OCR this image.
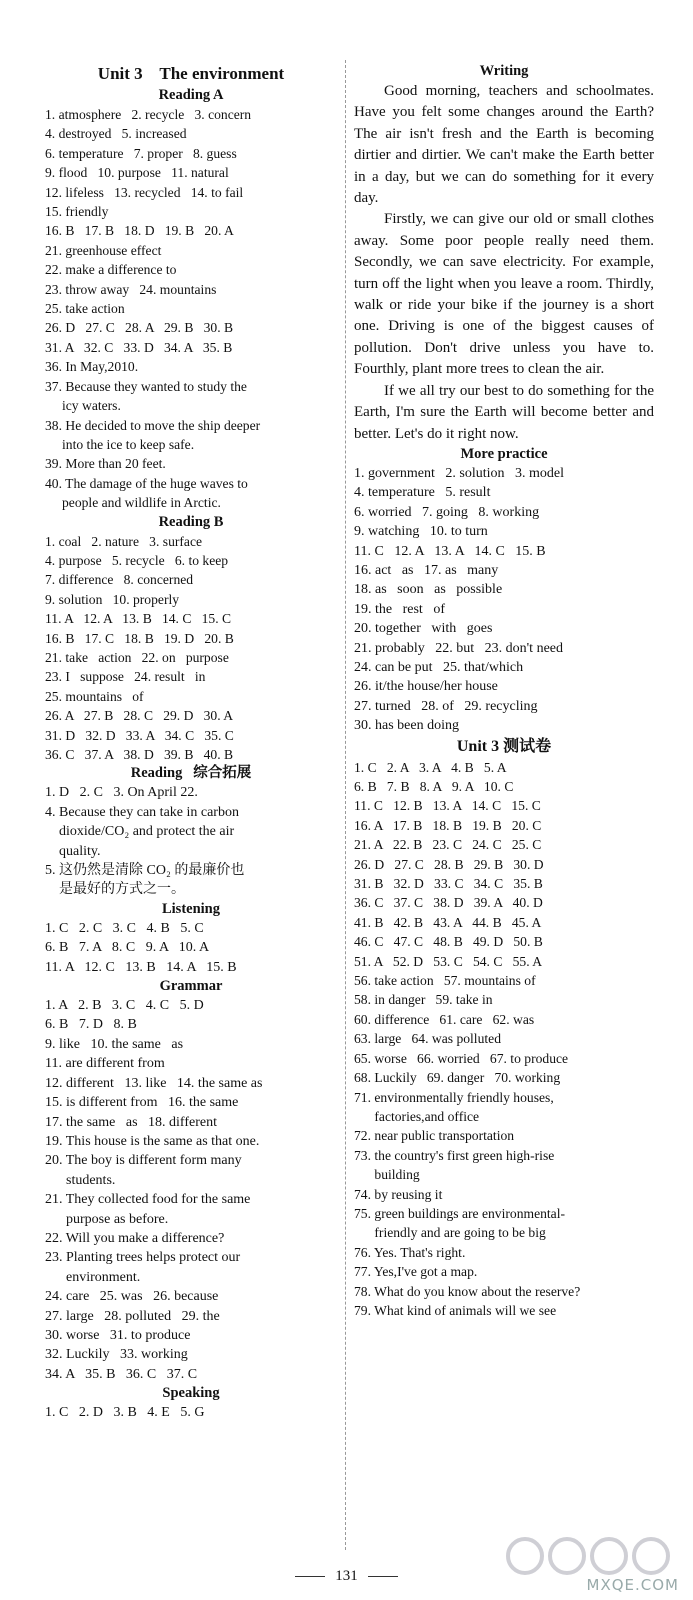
Unit 3    The environment
Reading A
1. atmosphere   2. recycle   3. concern
4. destroyed   5. increased
6. temperature   7. proper   8. guess
9. flood   10. purpose   11. natural
12. lifeless   13. recycled   14. to fail
15. friendly
16. B   17. B   18. D   19. B   20. A
21. greenhouse effect
22. make a difference to
23. throw away   24. mountains
25. take action
26. D   27. C   28. A   29. B   30. B
31. A   32. C   33. D   34. A   35. B
36. In May,2010.
37. Because they wanted to study the
icy waters.
38. He decided to move the ship deeper
into the ice to keep safe.
39. More than 20 feet.
40. The damage of the huge waves to
people and wildlife in Arctic.
Reading B
1. coal   2. nature   3. surface
4. purpose   5. recycle   6. to keep
7. difference   8. concerned
9. solution   10. properly
11. A   12. A   13. B   14. C   15. C
16. B   17. C   18. B   19. D   20. B
21. take   action   22. on   purpose
23. I   suppose   24. result   in
25. mountains   of
26. A   27. B   28. C   29. D   30. A
31. D   32. D   33. A   34. C   35. C
36. C   37. A   38. D   39. B   40. B
Reading   综合拓展
1. D   2. C   3. On April 22.
4. Because they can take in carbon
dioxide/CO₂ and protect the air
quality.
5. 这仍然是清除 CO₂ 的最廉价也
是最好的方式之一。
Listening
1. C   2. C   3. C   4. B   5. C
6. B   7. A   8. C   9. A   10. A
11. A   12. C   13. B   14. A   15. B
Grammar
1. A   2. B   3. C   4. C   5. D
6. B   7. D   8. B
9. like   10. the same   as
11. are different from
12. different   13. like   14. the same as
15. is different from   16. the same
17. the same   as   18. different
19. This house is the same as that one.
20. The boy is different form many
students.
21. They collected food for the same
purpose as before.
22. Will you make a difference?
23. Planting trees helps protect our
environment.
24. care   25. was   26. because
27. large   28. polluted   29. the
30. worse   31. to produce
32. Luckily   33. working
34. A   35. B   36. C   37. C
Speaking
1. C   2. D   3. B   4. E   5. G
Writing

Good morning, teachers and schoolmates. Have you felt some changes around the Earth? The air isn't fresh and the Earth is becoming dirtier and dirtier. We can't make the Earth better in a day, but we can do something for it every day.

Firstly, we can give our old or small clothes away. Some poor people really need them. Secondly, we can save electricity. For example, turn off the light when you leave a room. Thirdly, walk or ride your bike if the journey is a short one. Driving is one of the biggest causes of pollution. Don't drive unless you have to. Fourthly, plant more trees to clean the air.

If we all try our best to do something for the Earth, I'm sure the Earth will become better and better. Let's do it right now.

More practice
1. government   2. solution   3. model
4. temperature   5. result
6. worried   7. going   8. working
9. watching   10. to turn
11. C   12. A   13. A   14. C   15. B
16. act   as   17. as   many
18. as   soon   as   possible
19. the   rest   of
20. together   with   goes
21. probably   22. but   23. don't need
24. can be put   25. that/which
26. it/the house/her house
27. turned   28. of   29. recycling
30. has been doing
Unit 3 测试卷
1. C   2. A   3. A   4. B   5. A
6. B   7. B   8. A   9. A   10. C
11. C   12. B   13. A   14. C   15. C
16. A   17. B   18. B   19. B   20. C
21. A   22. B   23. C   24. C   25. C
26. D   27. C   28. B   29. B   30. D
31. B   32. D   33. C   34. C   35. B
36. C   37. C   38. D   39. A   40. D
41. B   42. B   43. A   44. B   45. A
46. C   47. C   48. B   49. D   50. B
51. A   52. D   53. C   54. C   55. A
56. take action   57. mountains of
58. in danger   59. take in
60. difference   61. care   62. was
63. large   64. was polluted
65. worse   66. worried   67. to produce
68. Luckily   69. danger   70. working
71. environmentally friendly houses,
factories,and office
72. near public transportation
73. the country's first green high-rise
building
74. by reusing it
75. green buildings are environmental-
friendly and are going to be big
76. Yes. That's right.
77. Yes,I've got a map.
78. What do you know about the reserve?
79. What kind of animals will we see
131	MXQE.COM
